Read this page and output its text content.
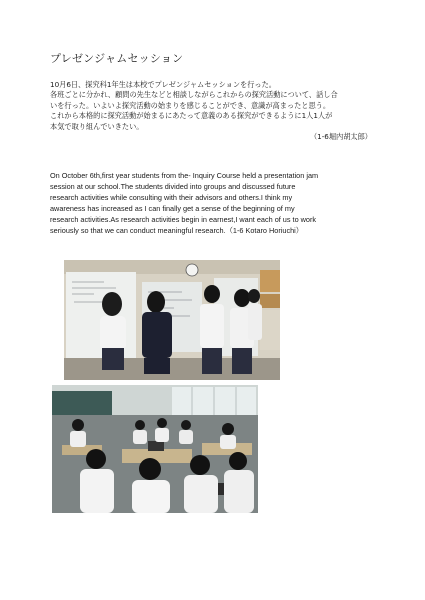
プレゼンジャムセッション

10月6日、探究科1年生は本校でプレゼンジャムセッションを行った。

各班ごとに分かれ、顧問の先生などと相談しながらこれからの探究活動について、話し合

いを行った。いよいよ探究活動の始まりを感じることができ、意識が高まったと思う。

これから本格的に探究活動が始まるにあたって意義のある探究ができるように1人1人が

本気で取り組んでいきたい。

（1-6堀内胡太郎）

On October 6th,first year students from the- Inquiry Course held a presentation jam

session at our school.The students divided into groups and discussed future

research activities while consulting with their advisors and others.I think my

awareness has increased as I can finally get a sense of the beginning of my

research activities.As research activities begin in earnest,I want each of us to work

seriously so that we can conduct meaningful research.（1-6 Kotaro Horiuchi）
